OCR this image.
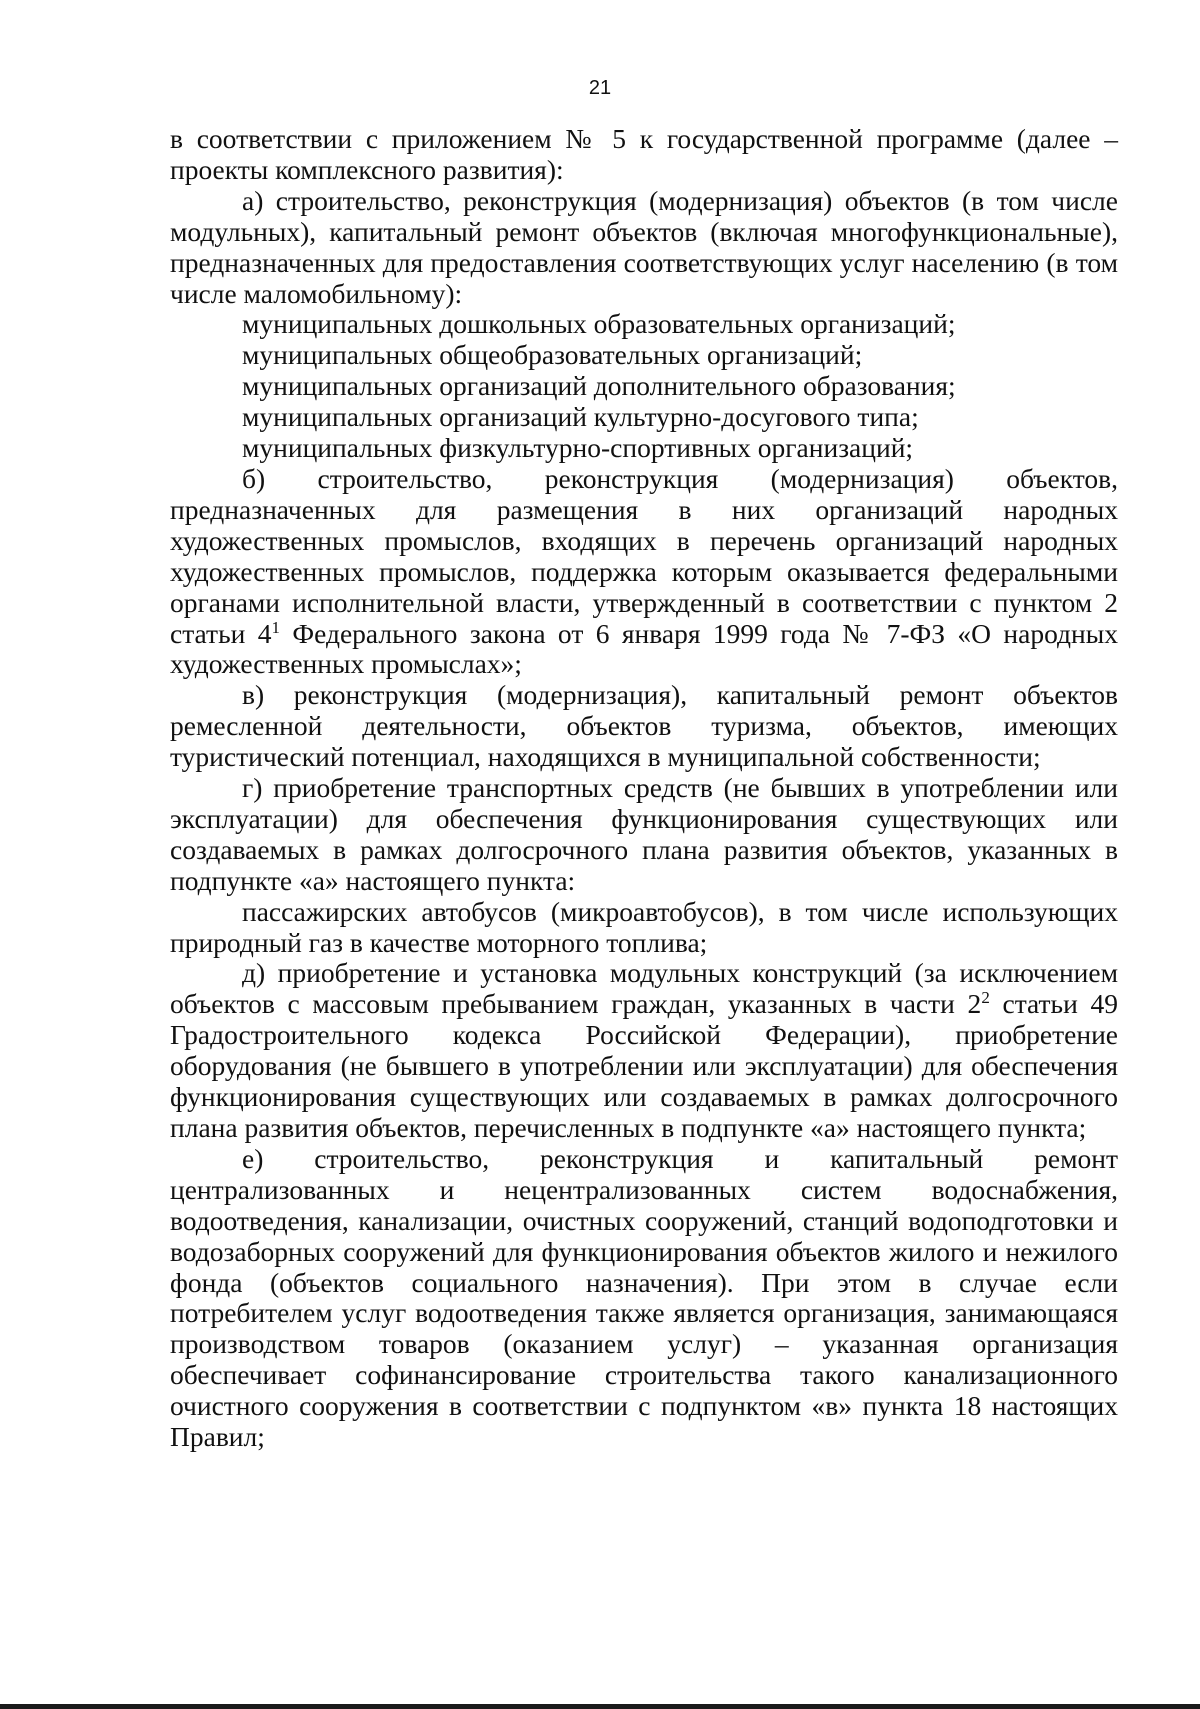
21

в соответствии с приложением № 5 к государственной программе (далее – проекты комплексного развития):

а) строительство, реконструкция (модернизация) объектов (в том числе модульных), капитальный ремонт объектов (включая многофункциональные), предназначенных для предоставления соответствующих услуг населению (в том числе маломобильному):

муниципальных дошкольных образовательных организаций;

муниципальных общеобразовательных организаций;

муниципальных организаций дополнительного образования;

муниципальных организаций культурно-досугового типа;

муниципальных физкультурно-спортивных организаций;

б) строительство, реконструкция (модернизация) объектов, предназначенных для размещения в них организаций народных художественных промыслов, входящих в перечень организаций народных художественных промыслов, поддержка которым оказывается федеральными органами исполнительной власти, утвержденный в соответствии с пунктом 2 статьи $4^1$ Федерального закона от 6 января 1999 года № 7-ФЗ «О народных художественных промыслах»;

в) реконструкция (модернизация), капитальный ремонт объектов ремесленной деятельности, объектов туризма, объектов, имеющих туристический потенциал, находящихся в муниципальной собственности;

г) приобретение транспортных средств (не бывших в употреблении или эксплуатации) для обеспечения функционирования существующих или создаваемых в рамках долгосрочного плана развития объектов, указанных в подпункте «а» настоящего пункта:

пассажирских автобусов (микроавтобусов), в том числе использующих природный газ в качестве моторного топлива;

д) приобретение и установка модульных конструкций (за исключением объектов с массовым пребыванием граждан, указанных в части $2^2$ статьи 49 Градостроительного кодекса Российской Федерации), приобретение оборудования (не бывшего в употреблении или эксплуатации) для обеспечения функционирования существующих или создаваемых в рамках долгосрочного плана развития объектов, перечисленных в подпункте «а» настоящего пункта;

е) строительство, реконструкция и капитальный ремонт централизованных и нецентрализованных систем водоснабжения, водоотведения, канализации, очистных сооружений, станций водоподготовки и водозаборных сооружений для функционирования объектов жилого и нежилого фонда (объектов социального назначения). При этом в случае если потребителем услуг водоотведения также является организация, занимающаяся производством товаров (оказанием услуг) – указанная организация обеспечивает софинансирование строительства такого канализационного очистного сооружения в соответствии с подпунктом «в» пункта 18 настоящих Правил;
